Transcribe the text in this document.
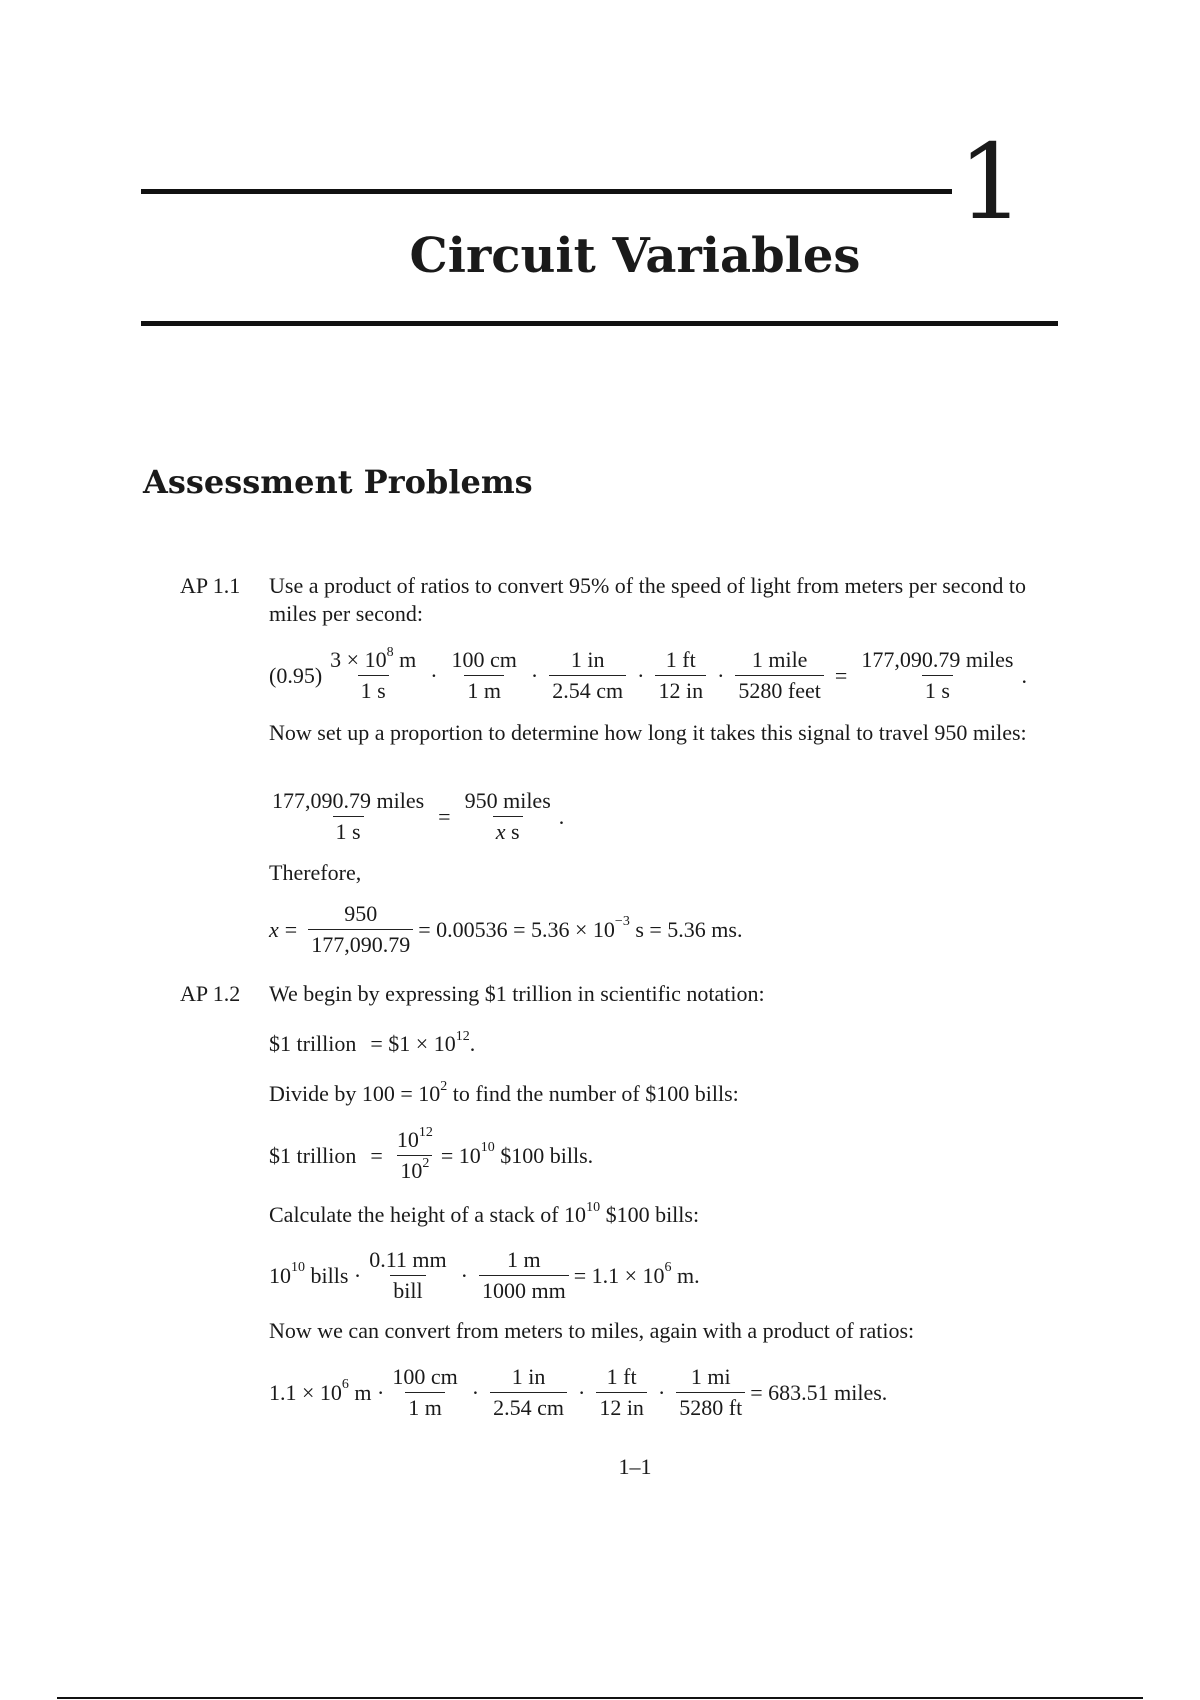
1
Circuit Variables
Assessment Problems
AP 1.1 Use a product of ratios to convert 95% of the speed of light from meters per second to miles per second:
$(0.95) \frac{3 \times 10^8 m}{1 s} \cdot \frac{100 cm}{1 m} \cdot \frac{1 in}{2.54 cm} \cdot \frac{1 ft}{12 in} \cdot \frac{\text{1 mile}}{\text{5280 feet}} = \frac{\text{177,090.79 miles}}{1 s}$ .
Now set up a proportion to determine how long it takes this signal to travel 950 miles:
$\frac{\text{177,090.79 miles}}{1 s} = \frac{\text{950 miles}}{\text{x s}}$ .
Therefore,
$x = \frac{950}{177,090.79} = 0.00536 = 5.36 \times 10^{-3}$ s = 5.36 ms.
AP 1.2 We begin by expressing $1 trillion in scientific notation:
$1 trillion = $1 × $10^{12}$.
Divide by $100 = 10^2$ to find the number of $100 bills:
$1 trillion = $\frac{10^{12}}{10^2} = 10^{10}$ $100 bills.
Calculate the height of a stack of $10^{10}$ $100 bills:
$10^{10}$ bills · $\frac{0.11 mm}{\text{bill}} \cdot \frac{1 m}{1000 mm} = 1.1 \times 10^6$ m.
Now we can convert from meters to miles, again with a product of ratios:
$1.1 \times 10^6$ $m \cdot \frac{100 cm}{1 m} \cdot \frac{1 in}{2.54 cm} \cdot \frac{1 ft}{12 in} \cdot \frac{1 mi}{5280 ft} = 683.51$ miles.
1–1
